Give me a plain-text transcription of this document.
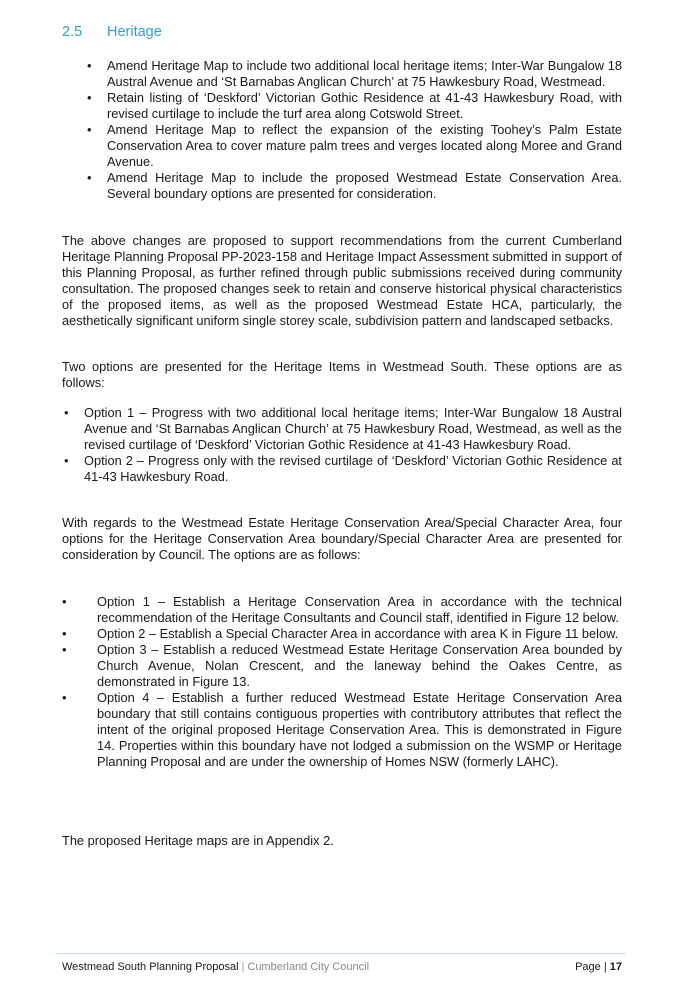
2.5	Heritage
• Amend Heritage Map to include two additional local heritage items; Inter-War Bungalow 18 Austral Avenue and ‘St Barnabas Anglican Church’ at 75 Hawkesbury Road, Westmead.
• Retain listing of ‘Deskford’ Victorian Gothic Residence at 41-43 Hawkesbury Road, with revised curtilage to include the turf area along Cotswold Street.
• Amend Heritage Map to reflect the expansion of the existing Toohey’s Palm Estate Conservation Area to cover mature palm trees and verges located along Moree and Grand Avenue.
• Amend Heritage Map to include the proposed Westmead Estate Conservation Area. Several boundary options are presented for consideration.

The above changes are proposed to support recommendations from the current Cumberland Heritage Planning Proposal PP-2023-158 and Heritage Impact Assessment submitted in support of this Planning Proposal, as further refined through public submissions received during community consultation. The proposed changes seek to retain and conserve historical physical characteristics of the proposed items, as well as the proposed Westmead Estate HCA, particularly, the aesthetically significant uniform single storey scale, subdivision pattern and landscaped setbacks.

Two options are presented for the Heritage Items in Westmead South. These options are as follows:

• Option 1 – Progress with two additional local heritage items; Inter-War Bungalow 18 Austral Avenue and ‘St Barnabas Anglican Church’ at 75 Hawkesbury Road, Westmead, as well as the revised curtilage of ‘Deskford’ Victorian Gothic Residence at 41-43 Hawkesbury Road.
• Option 2 – Progress only with the revised curtilage of ‘Deskford’ Victorian Gothic Residence at 41-43 Hawkesbury Road.

With regards to the Westmead Estate Heritage Conservation Area/Special Character Area, four options for the Heritage Conservation Area boundary/Special Character Area are presented for consideration by Council. The options are as follows:

• Option 1 – Establish a Heritage Conservation Area in accordance with the technical recommendation of the Heritage Consultants and Council staff, identified in Figure 12 below.
• Option 2 – Establish a Special Character Area in accordance with area K in Figure 11 below.
• Option 3 – Establish a reduced Westmead Estate Heritage Conservation Area bounded by Church Avenue, Nolan Crescent, and the laneway behind the Oakes Centre, as demonstrated in Figure 13.
• Option 4 – Establish a further reduced Westmead Estate Heritage Conservation Area boundary that still contains contiguous properties with contributory attributes that reflect the intent of the original proposed Heritage Conservation Area. This is demonstrated in Figure 14. Properties within this boundary have not lodged a submission on the WSMP or Heritage Planning Proposal and are under the ownership of Homes NSW (formerly LAHC).

The proposed Heritage maps are in Appendix 2.

Westmead South Planning Proposal | Cumberland City Council	Page | 17
